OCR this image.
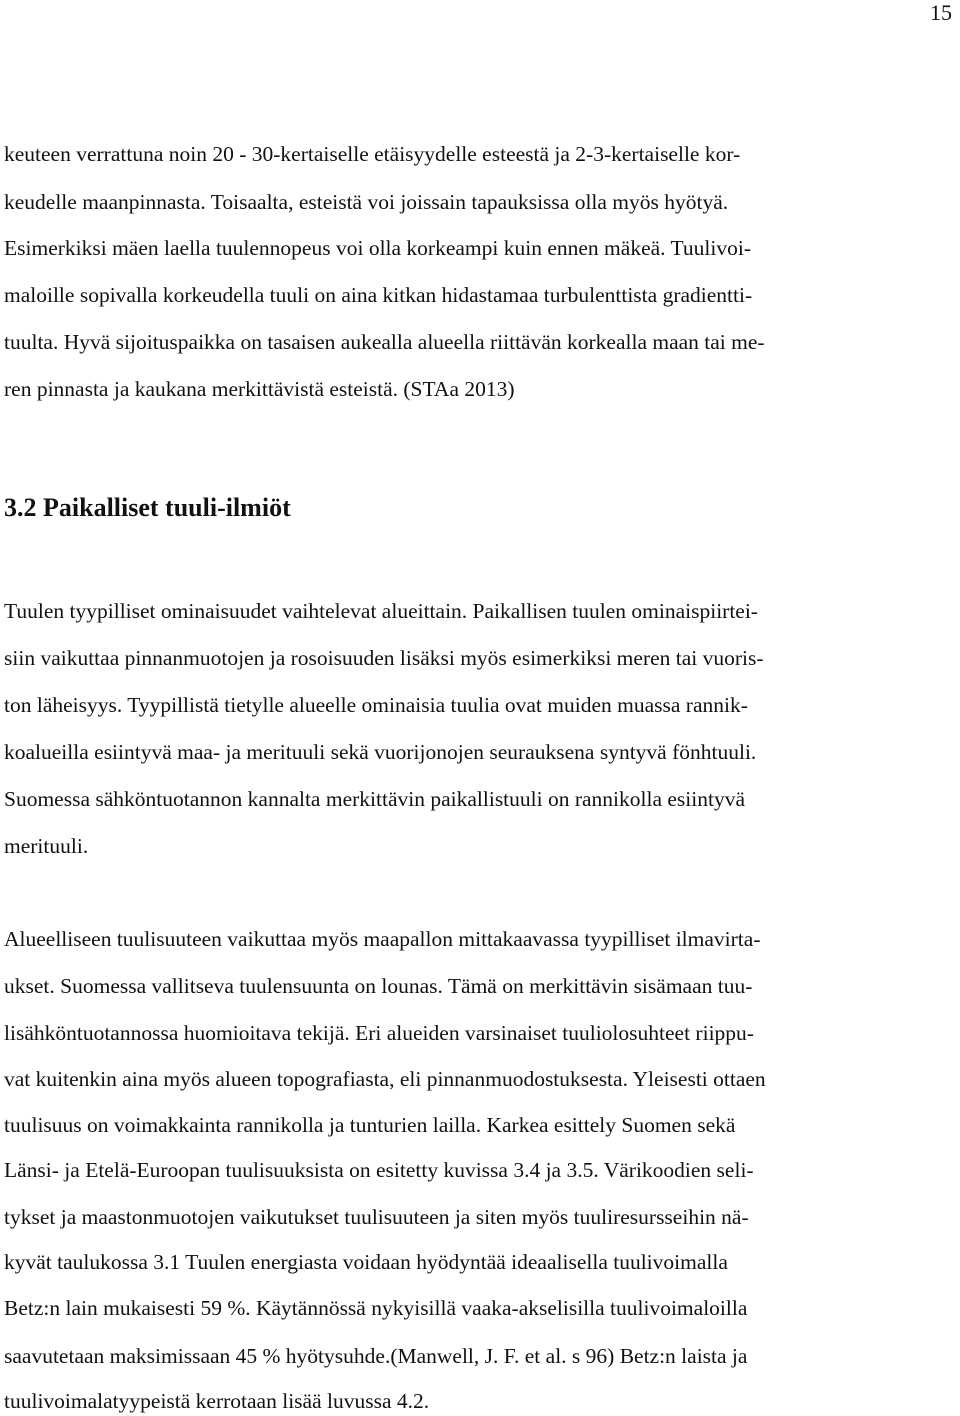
15
keuteen verrattuna noin 20 - 30-kertaiselle etäisyydelle esteestä ja 2-3-kertaiselle kor-
keudelle maanpinnasta. Toisaalta, esteistä voi joissain tapauksissa olla myös hyötyä.
Esimerkiksi mäen laella tuulennopeus voi olla korkeampi kuin ennen mäkeä. Tuulivoi-
maloille sopivalla korkeudella tuuli on aina kitkan hidastamaa turbulenttista gradientti-
tuulta. Hyvä sijoituspaikka on tasaisen aukealla alueella riittävän korkealla maan tai me-
ren pinnasta ja kaukana merkittävistä esteistä. (STAa 2013)
3.2 Paikalliset tuuli-ilmiöt
Tuulen tyypilliset ominaisuudet vaihtelevat alueittain. Paikallisen tuulen ominaispiirtei-
siin vaikuttaa pinnanmuotojen ja rosoisuuden lisäksi myös esimerkiksi meren tai vuoris-
ton läheisyys. Tyypillistä tietylle alueelle ominaisia tuulia ovat muiden muassa rannik-
koalueilla esiintyvä maa- ja merituuli sekä vuorijonojen seurauksena syntyvä fönhtuuli.
Suomessa sähköntuotannon kannalta merkittävin paikallistuuli on rannikolla esiintyvä
merituuli.
Alueelliseen tuulisuuteen vaikuttaa myös maapallon mittakaavassa tyypilliset ilmavirta-
ukset. Suomessa vallitseva tuulensuunta on lounas. Tämä on merkittävin sisämaan tuu-
lisähköntuotannossa huomioitava tekijä. Eri alueiden varsinaiset tuuliolosuhteet riippu-
vat kuitenkin aina myös alueen topografiasta, eli pinnanmuodostuksesta. Yleisesti ottaen
tuulisuus on voimakkainta rannikolla ja tunturien lailla. Karkea esittely Suomen sekä
Länsi- ja Etelä-Euroopan tuulisuuksista on esitetty kuvissa 3.4 ja 3.5. Värikoodien seli-
tykset ja maastonmuotojen vaikutukset tuulisuuteen ja siten myös tuuliresursseihin nä-
kyvät taulukossa 3.1 Tuulen energiasta voidaan hyödyntää ideaalisella tuulivoimalla
Betz:n lain mukaisesti 59 %. Käytännössä nykyisillä vaaka-akselisilla tuulivoimaloilla
saavutetaan maksimissaan 45 % hyötysuhde.(Manwell, J. F. et al. s 96) Betz:n laista ja
tuulivoimalatyypeistä kerrotaan lisää luvussa 4.2.
